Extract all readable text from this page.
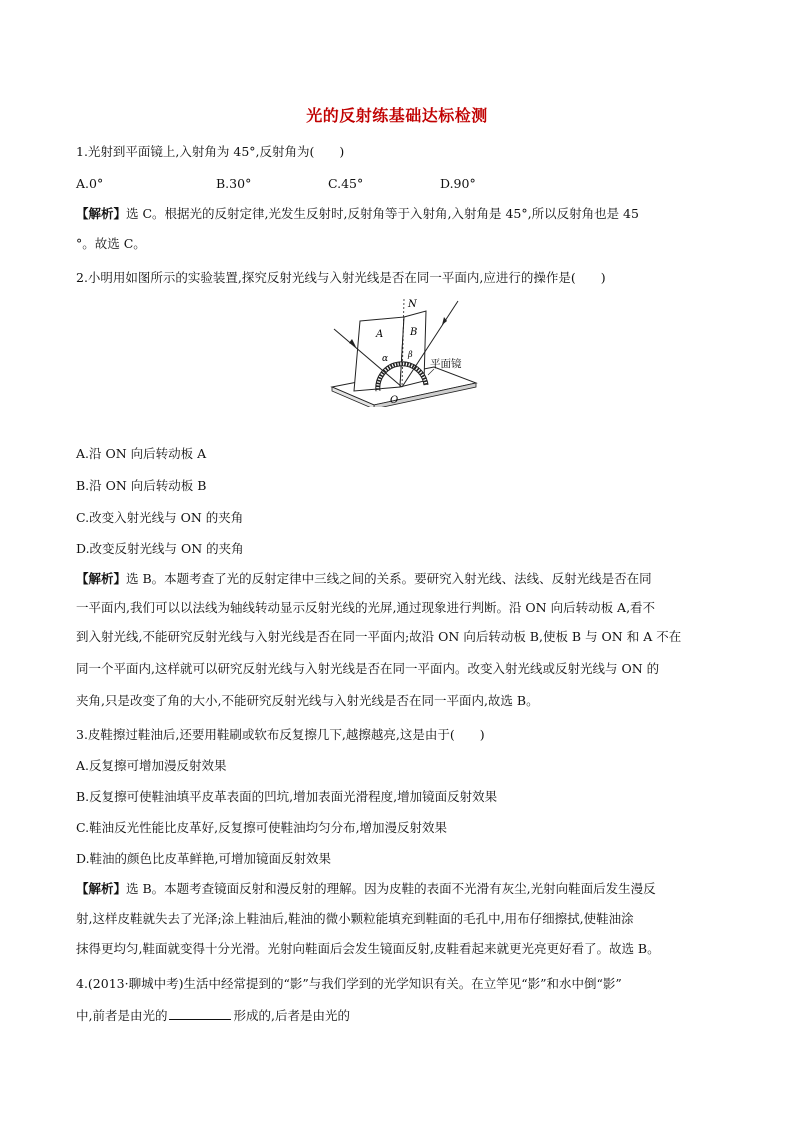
光的反射练基础达标检测
1.光射到平面镜上,入射角为 45°,反射角为(　　)
A.0°	B.30°	C.45°	D.90°
【解析】选 C。根据光的反射定律,光发生反射时,反射角等于入射角,入射角是 45°,所以反射角也是 45
°。故选 C。
2.小明用如图所示的实验装置,探究反射光线与入射光线是否在同一平面内,应进行的操作是(　　)
N
A	B
α β
O
平面镜
A.沿 ON 向后转动板 A
B.沿 ON 向后转动板 B
C.改变入射光线与 ON 的夹角
D.改变反射光线与 ON 的夹角
【解析】选 B。本题考查了光的反射定律中三线之间的关系。要研究入射光线、法线、反射光线是否在同
一平面内,我们可以以法线为轴线转动显示反射光线的光屏,通过现象进行判断。沿 ON 向后转动板 A,看不
到入射光线,不能研究反射光线与入射光线是否在同一平面内;故沿 ON 向后转动板 B,使板 B 与 ON 和 A 不在
同一个平面内,这样就可以研究反射光线与入射光线是否在同一平面内。改变入射光线或反射光线与 ON 的
夹角,只是改变了角的大小,不能研究反射光线与入射光线是否在同一平面内,故选 B。
3.皮鞋擦过鞋油后,还要用鞋刷或软布反复擦几下,越擦越亮,这是由于(　　)
A.反复擦可增加漫反射效果
B.反复擦可使鞋油填平皮革表面的凹坑,增加表面光滑程度,增加镜面反射效果
C.鞋油反光性能比皮革好,反复擦可使鞋油均匀分布,增加漫反射效果
D.鞋油的颜色比皮革鲜艳,可增加镜面反射效果
【解析】选 B。本题考查镜面反射和漫反射的理解。因为皮鞋的表面不光滑有灰尘,光射向鞋面后发生漫反
射,这样皮鞋就失去了光泽;涂上鞋油后,鞋油的微小颗粒能填充到鞋面的毛孔中,用布仔细擦拭,使鞋油涂
抹得更均匀,鞋面就变得十分光滑。光射向鞋面后会发生镜面反射,皮鞋看起来就更光亮更好看了。故选 B。
4.(2013·聊城中考)生活中经常提到的“影”与我们学到的光学知识有关。在立竿见“影”和水中倒“影”
中,前者是由光的	形成的,后者是由光的
